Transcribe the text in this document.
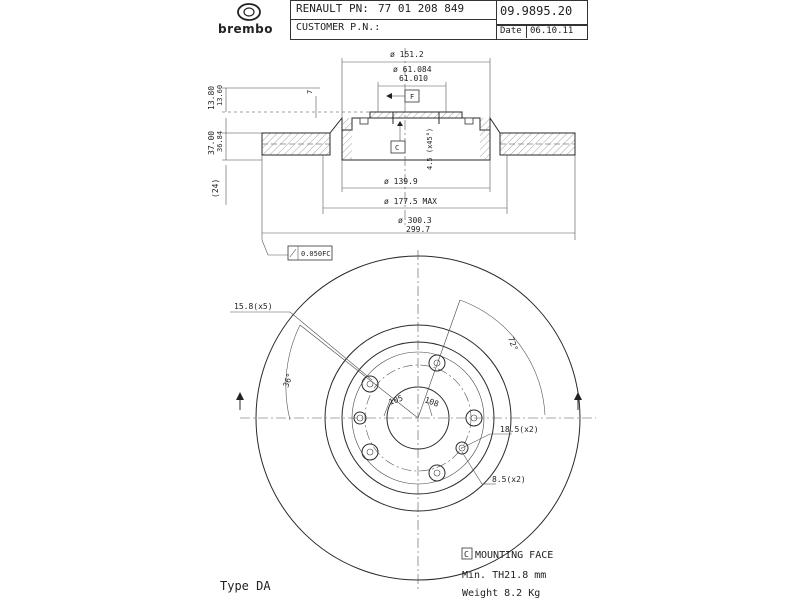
brembo
RENAULT PN: 77 01 208 849
CUSTOMER P.N.:
09.9895.20
Date 06.10.11
ø 151.2
ø 61.084
61.010
ø 139.9
ø 177.5 MAX
ø 300.3
299.7
F
C
0.050FC
7
13.80 13.60
37.00 36.84
(24)
4.5 (x45°)
15.8(x5)
72°
36°
105 108
18.5(x2)
8.5(x2)
C MOUNTING FACE
Min. TH21.8 mm
Weight 8.2 Kg
Type DA
